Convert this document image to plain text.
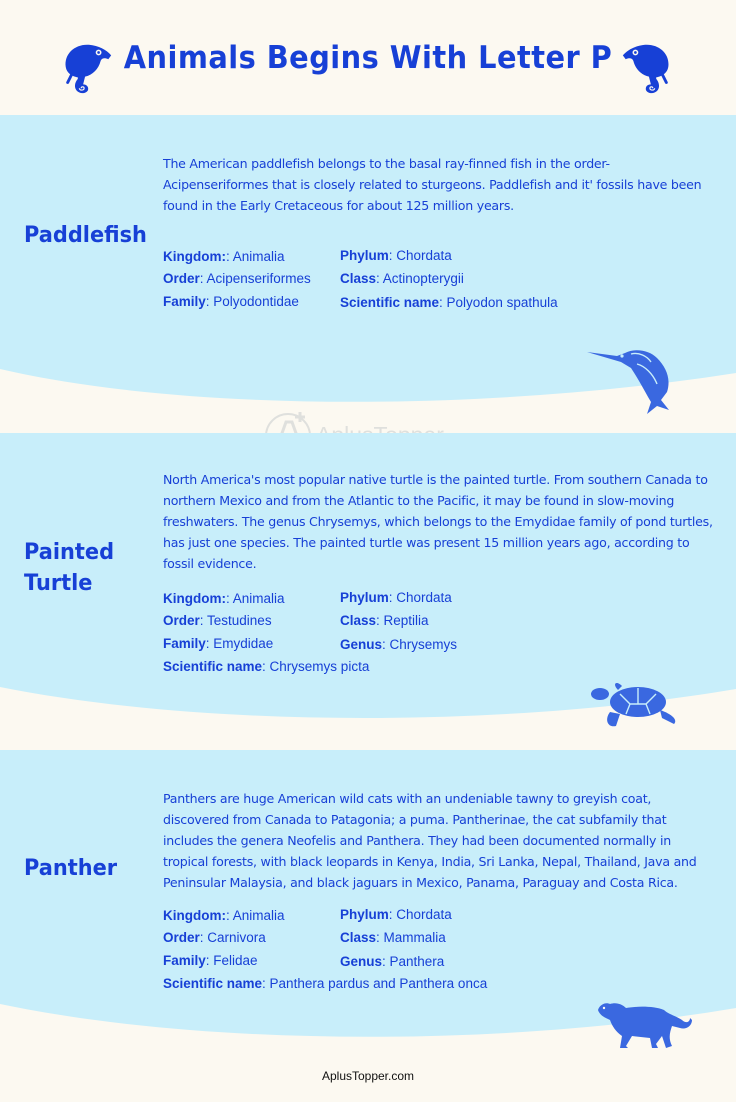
Animals Begins With Letter P
Paddlefish

The American paddlefish belongs to the basal ray-finned fish in the order-Acipenseriformes that is closely related to sturgeons. Paddlefish and it' fossils have been found in the Early Cretaceous for about 125 million years.

Kingdom:: Animalia	Phylum: Chordata
Order: Acipenseriformes Class: Actinopterygii
Family: Polyodontidae	Scientific name: Polyodon spathula
Painted
Turtle

North America's most popular native turtle is the painted turtle. From southern Canada to northern Mexico and from the Atlantic to the Pacific, it may be found in slow-moving freshwaters. The genus Chrysemys, which belongs to the Emydidae family of pond turtles, has just one species. The painted turtle was present 15 million years ago, according to fossil evidence.

Kingdom:: Animalia	Phylum: Chordata
Order: Testudines	Class: Reptilia
Family: Emydidae	Genus: Chrysemys
Scientific name: Chrysemys picta
Panther

Panthers are huge American wild cats with an undeniable tawny to greyish coat, discovered from Canada to Patagonia; a puma. Pantherinae, the cat subfamily that includes the genera Neofelis and Panthera. They had been documented normally in tropical forests, with black leopards in Kenya, India, Sri Lanka, Nepal, Thailand, Java and Peninsular Malaysia, and black jaguars in Mexico, Panama, Paraguay and Costa Rica.

Kingdom:: Animalia	Phylum: Chordata
Order: Carnivora	Class: Mammalia
Family: Felidae	Genus: Panthera
Scientific name: Panthera pardus and Panthera onca
AplusTopper.com
